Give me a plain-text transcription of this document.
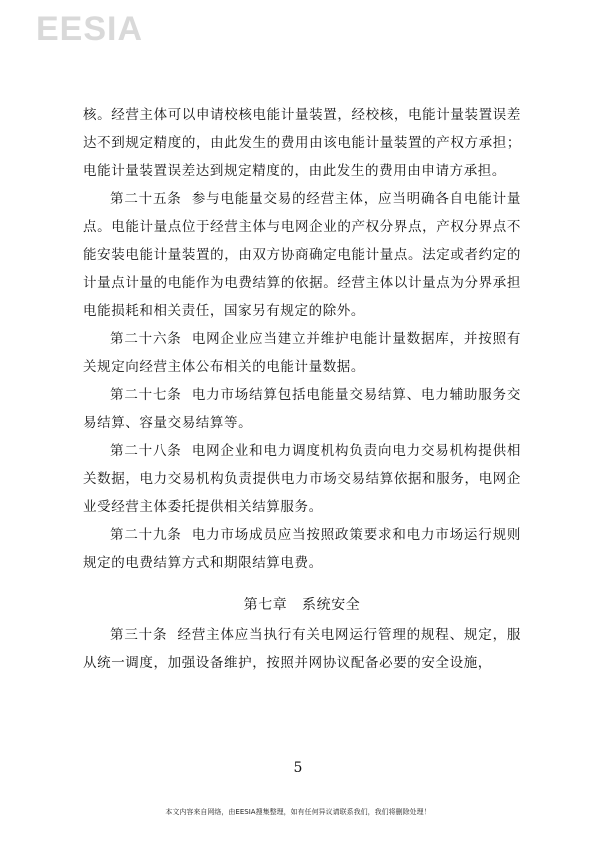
EESIA

核。经营主体可以申请校核电能计量装置，经校核，电能计量装置误差达不到规定精度的，由此发生的费用由该电能计量装置的产权方承担；电能计量装置误差达到规定精度的，由此发生的费用由申请方承担。

第二十五条 参与电能量交易的经营主体，应当明确各自电能计量点。电能计量点位于经营主体与电网企业的产权分界点，产权分界点不能安装电能计量装置的，由双方协商确定电能计量点。法定或者约定的计量点计量的电能作为电费结算的依据。经营主体以计量点为分界承担电能损耗和相关责任，国家另有规定的除外。

第二十六条 电网企业应当建立并维护电能计量数据库，并按照有关规定向经营主体公布相关的电能计量数据。

第二十七条 电力市场结算包括电能量交易结算、电力辅助服务交易结算、容量交易结算等。

第二十八条 电网企业和电力调度机构负责向电力交易机构提供相关数据，电力交易机构负责提供电力市场交易结算依据和服务，电网企业受经营主体委托提供相关结算服务。

第二十九条 电力市场成员应当按照政策要求和电力市场运行规则规定的电费结算方式和期限结算电费。

第七章　系统安全

第三十条 经营主体应当执行有关电网运行管理的规程、规定，服从统一调度，加强设备维护，按照并网协议配备必要的安全设施，

5
本文内容来自网络，由EESIA搜集整理，如有任何异议请联系我们，我们将删除处理！
